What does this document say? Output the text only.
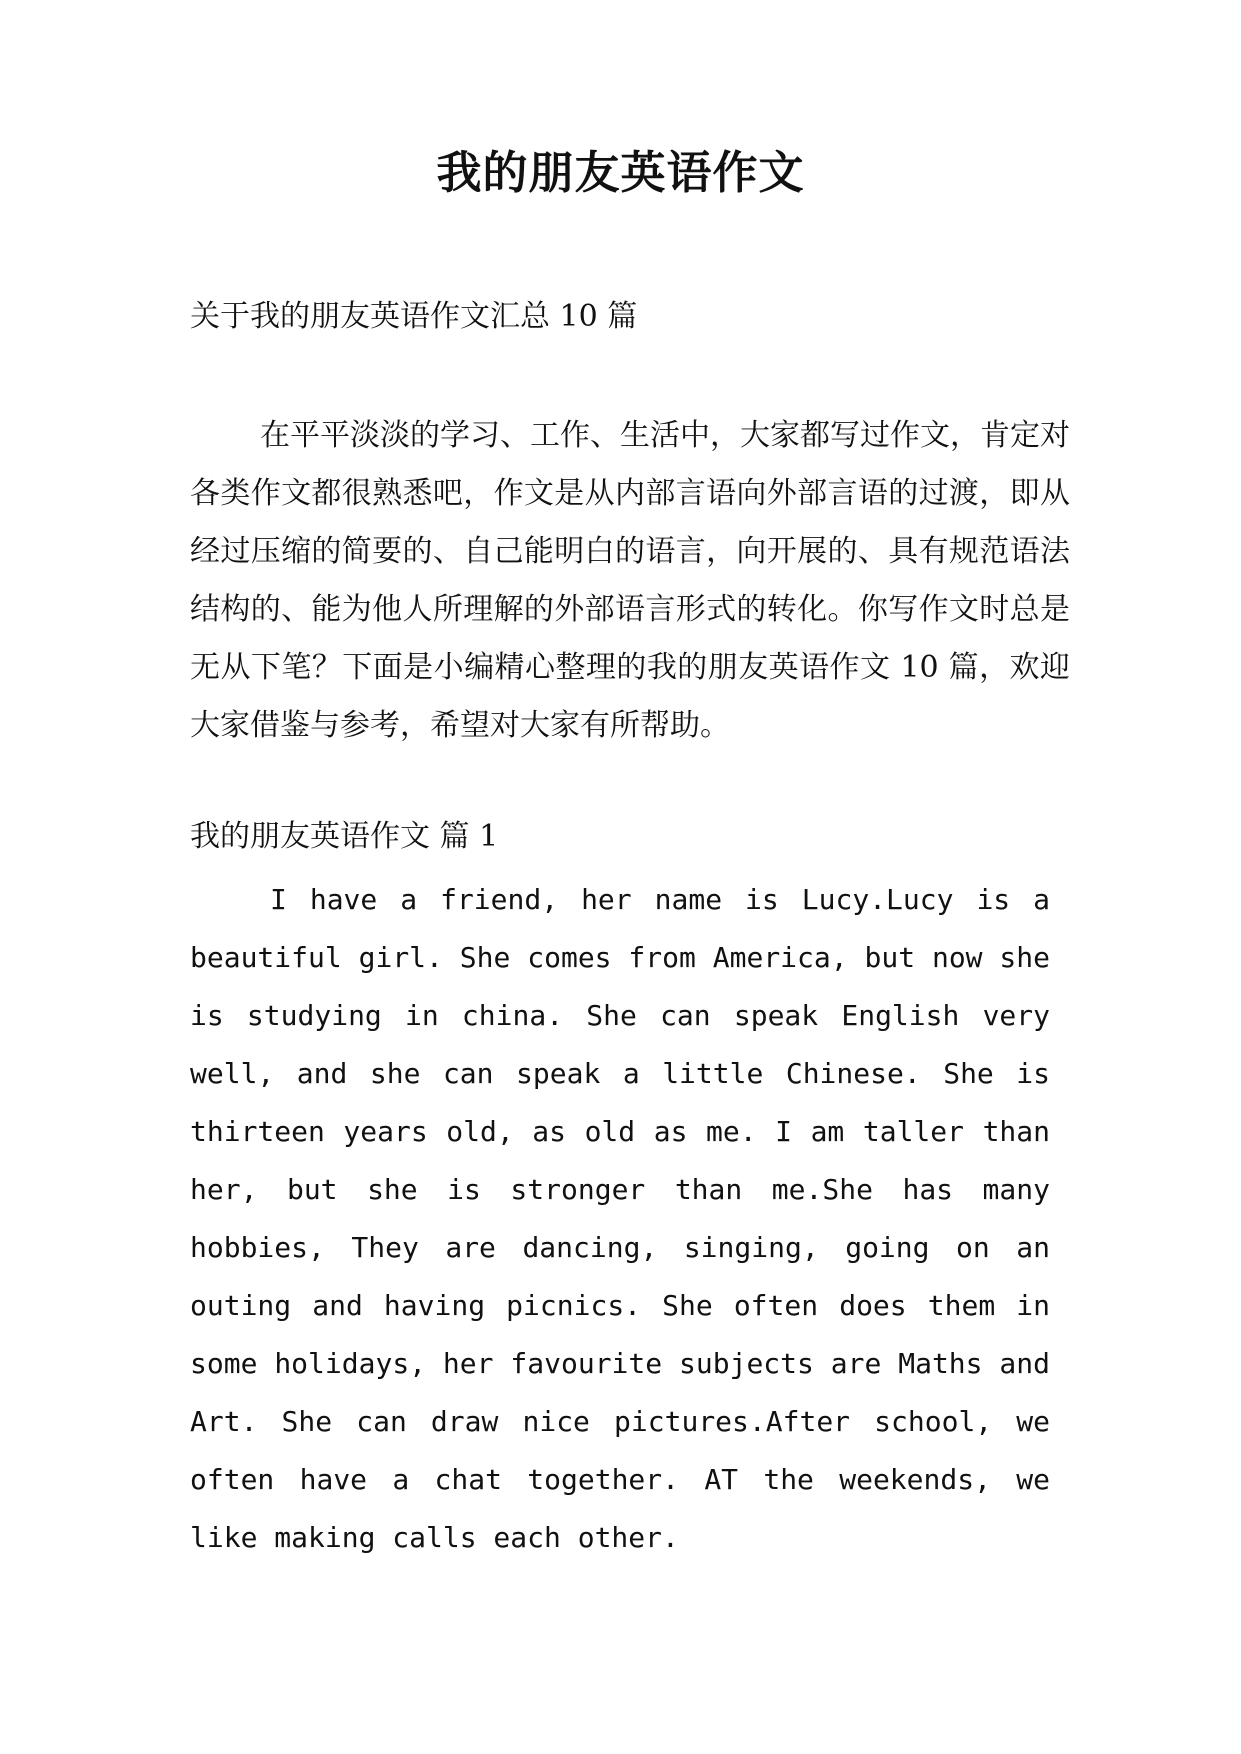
我的朋友英语作文
关于我的朋友英语作文汇总 10 篇

在平平淡淡的学习、工作、生活中，大家都写过作文，肯定对各类作文都很熟悉吧，作文是从内部言语向外部言语的过渡，即从经过压缩的简要的、自己能明白的语言，向开展的、具有规范语法结构的、能为他人所理解的外部语言形式的转化。你写作文时总是无从下笔？下面是小编精心整理的我的朋友英语作文 10 篇，欢迎大家借鉴与参考，希望对大家有所帮助。

我的朋友英语作文 篇 1

I have a friend, her name is Lucy.Lucy is a beautiful girl. She comes from America, but now she is studying in china. She can speak English very well, and she can speak a little Chinese. She is thirteen years old, as old as me. I am taller than her, but she is stronger than me.She has many hobbies, They are dancing, singing, going on an outing and having picnics. She often does them in some holidays, her favourite subjects are Maths and Art. She can draw nice pictures.After school, we often have a chat together. AT the weekends, we like making calls each other.
